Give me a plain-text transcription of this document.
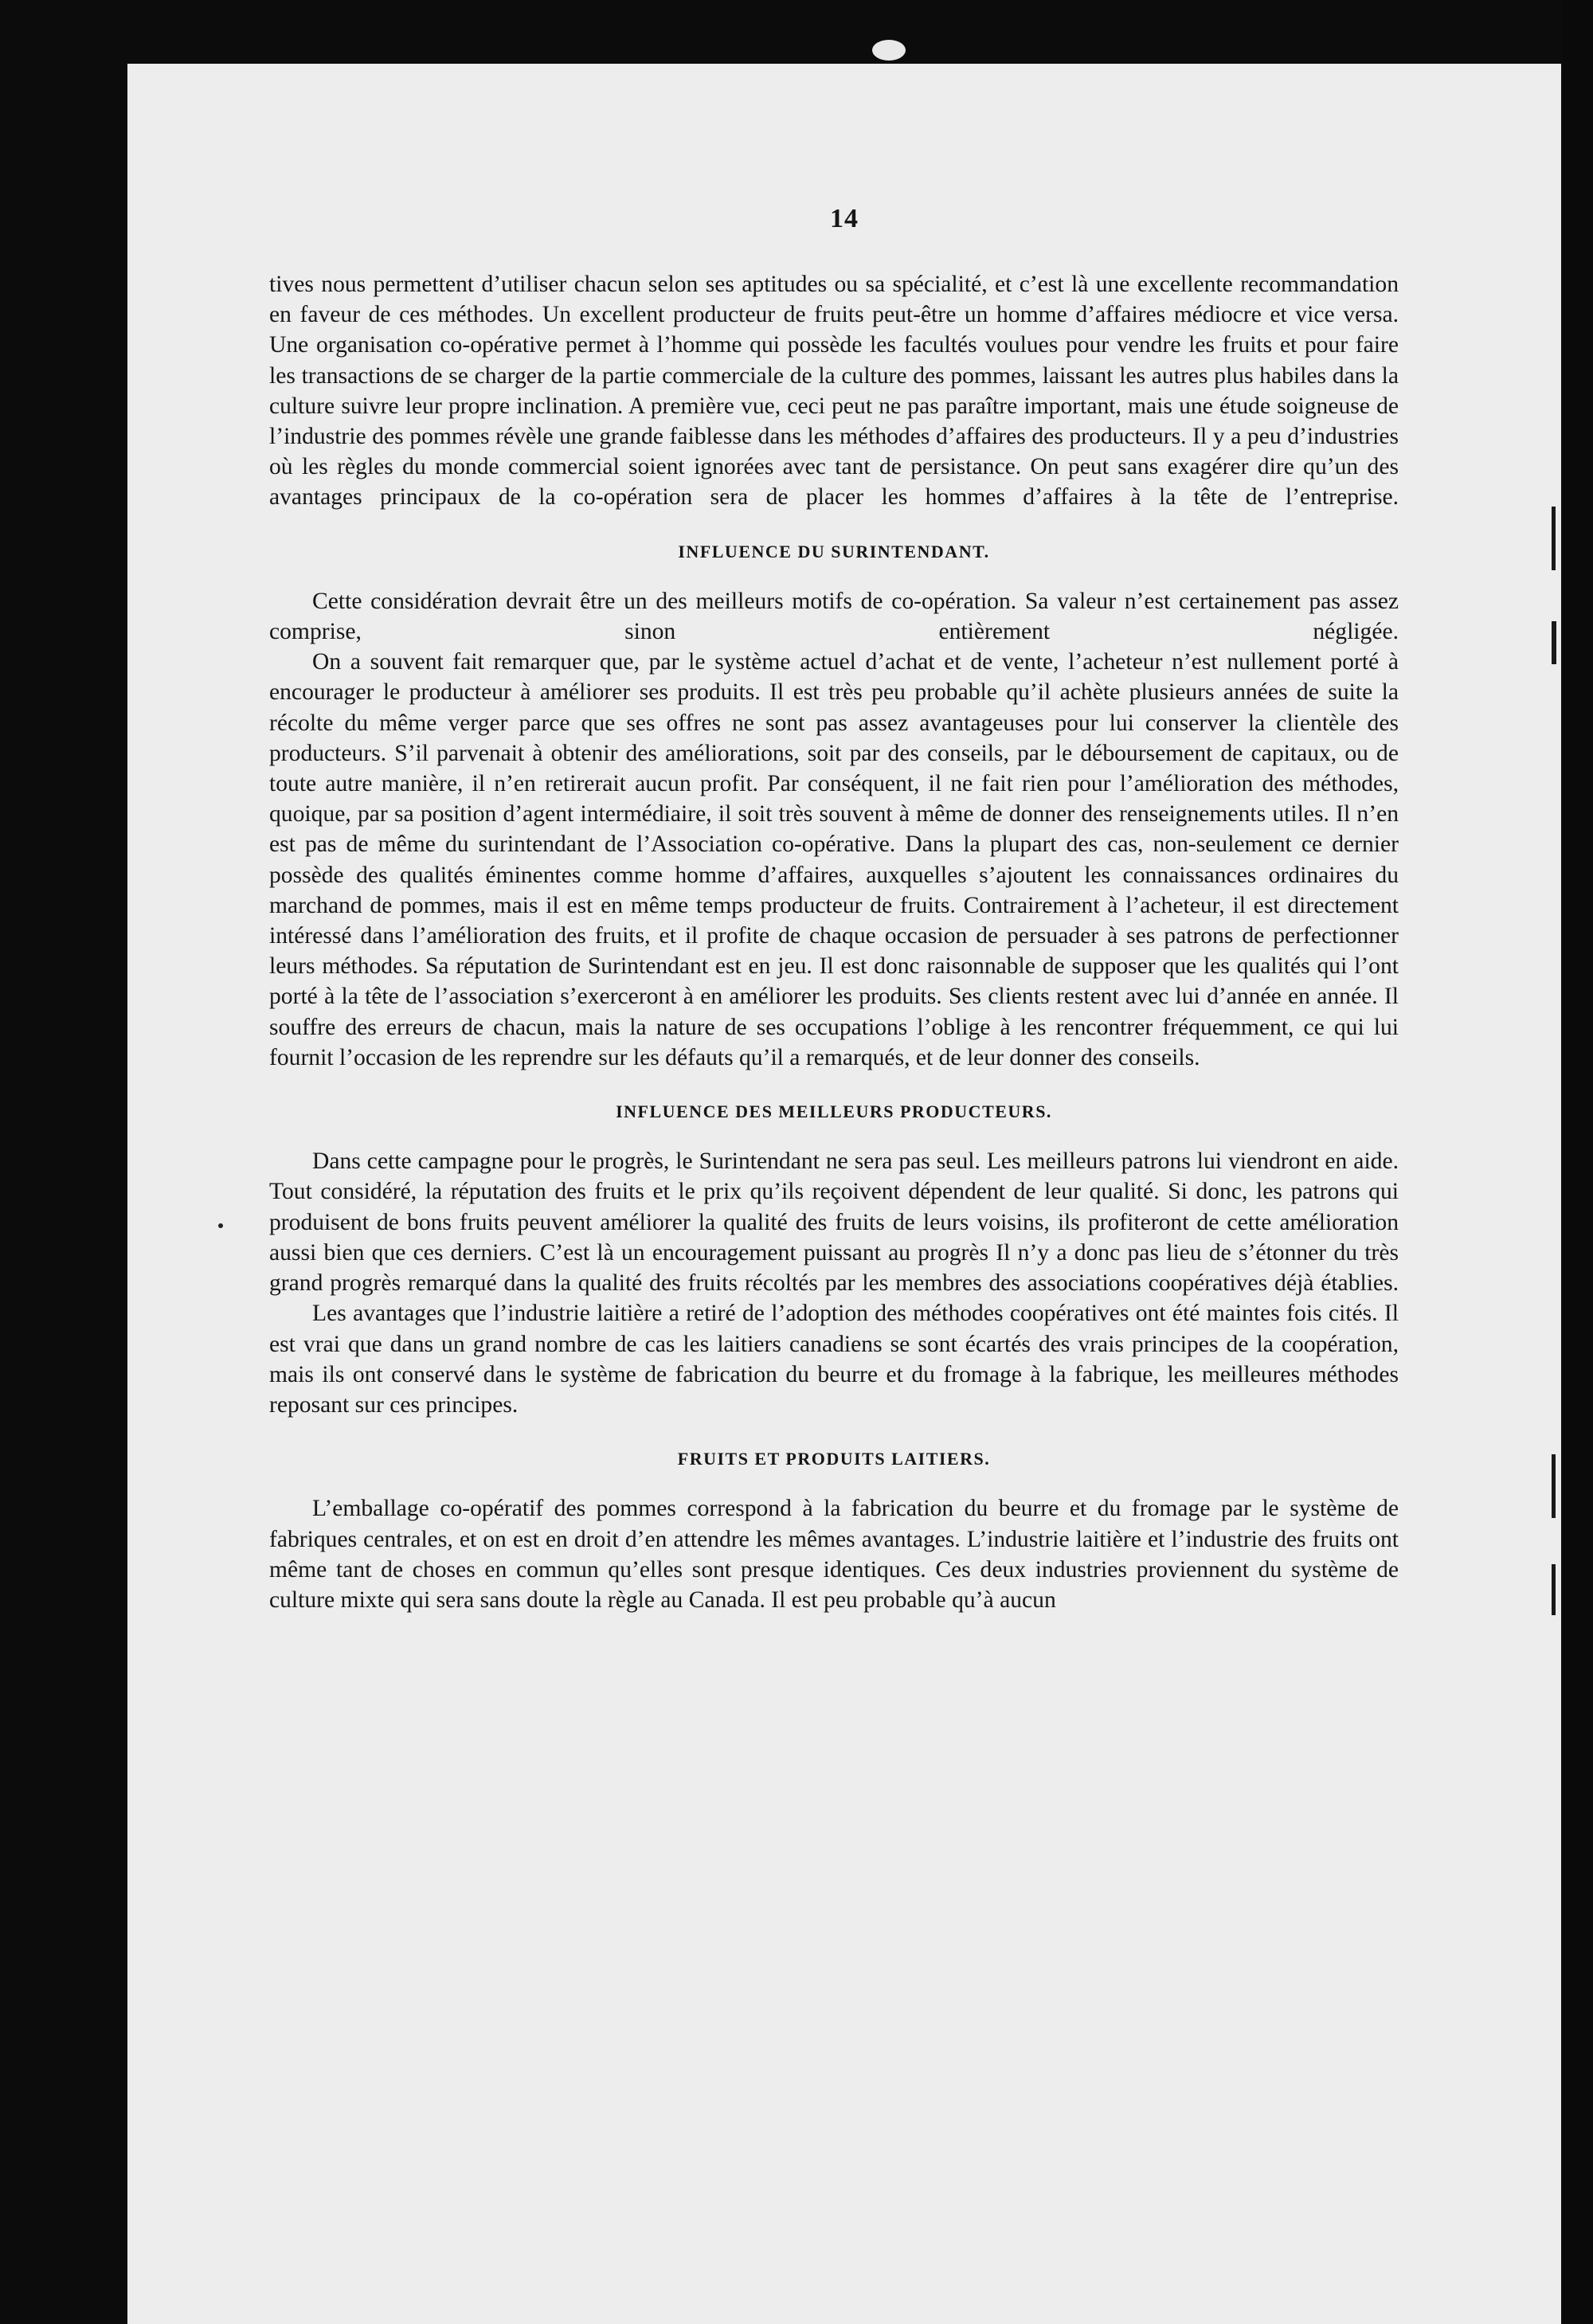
14

tives nous permettent d’utiliser chacun selon ses aptitudes ou sa spécialité, et c’est là une excellente recommandation en faveur de ces méthodes. Un excellent producteur de fruits peut-être un homme d’affaires médiocre et vice versa. Une organisation co-opérative permet à l’homme qui possède les facultés voulues pour vendre les fruits et pour faire les transactions de se charger de la partie commerciale de la culture des pommes, laissant les autres plus habiles dans la culture suivre leur propre inclination. A première vue, ceci peut ne pas paraître important, mais une étude soigneuse de l’industrie des pommes révèle une grande faiblesse dans les méthodes d’affaires des producteurs. Il y a peu d’industries où les règles du monde commercial soient ignorées avec tant de persistance. On peut sans exagérer dire qu’un des avantages principaux de la co-opération sera de placer les hommes d’affaires à la tête de l’entreprise.

INFLUENCE DU SURINTENDANT.

Cette considération devrait être un des meilleurs motifs de co-opération. Sa valeur n’est certainement pas assez comprise, sinon entièrement négligée.

On a souvent fait remarquer que, par le système actuel d’achat et de vente, l’acheteur n’est nullement porté à encourager le producteur à améliorer ses produits. Il est très peu probable qu’il achète plusieurs années de suite la récolte du même verger parce que ses offres ne sont pas assez avantageuses pour lui conserver la clientèle des producteurs. S’il parvenait à obtenir des améliorations, soit par des conseils, par le déboursement de capitaux, ou de toute autre manière, il n’en retirerait aucun profit. Par conséquent, il ne fait rien pour l’amélioration des méthodes, quoique, par sa position d’agent intermédiaire, il soit très souvent à même de donner des renseignements utiles. Il n’en est pas de même du surintendant de l’Association co-opérative. Dans la plupart des cas, non-seulement ce dernier possède des qualités éminentes comme homme d’affaires, auxquelles s’ajoutent les connaissances ordinaires du marchand de pommes, mais il est en même temps producteur de fruits. Contrairement à l’acheteur, il est directement intéressé dans l’amélioration des fruits, et il profite de chaque occasion de persuader à ses patrons de perfectionner leurs méthodes. Sa réputation de Surintendant est en jeu. Il est donc raisonnable de supposer que les qualités qui l’ont porté à la tête de l’association s’exerceront à en améliorer les produits. Ses clients restent avec lui d’année en année. Il souffre des erreurs de chacun, mais la nature de ses occupations l’oblige à les rencontrer fréquemment, ce qui lui fournit l’occasion de les reprendre sur les défauts qu’il a remarqués, et de leur donner des conseils.

INFLUENCE DES MEILLEURS PRODUCTEURS.

Dans cette campagne pour le progrès, le Surintendant ne sera pas seul. Les meilleurs patrons lui viendront en aide. Tout considéré, la réputation des fruits et le prix qu’ils reçoivent dépendent de leur qualité. Si donc, les patrons qui produisent de bons fruits peuvent améliorer la qualité des fruits de leurs voisins, ils profiteront de cette amélioration aussi bien que ces derniers. C’est là un encouragement puissant au progrès Il n’y a donc pas lieu de s’étonner du très grand progrès remarqué dans la qualité des fruits récoltés par les membres des associations coopératives déjà établies.

Les avantages que l’industrie laitière a retiré de l’adoption des méthodes coopératives ont été maintes fois cités. Il est vrai que dans un grand nombre de cas les laitiers canadiens se sont écartés des vrais principes de la coopération, mais ils ont conservé dans le système de fabrication du beurre et du fromage à la fabrique, les meilleures méthodes reposant sur ces principes.

FRUITS ET PRODUITS LAITIERS.

L’emballage co-opératif des pommes correspond à la fabrication du beurre et du fromage par le système de fabriques centrales, et on est en droit d’en attendre les mêmes avantages. L’industrie laitière et l’industrie des fruits ont même tant de choses en commun qu’elles sont presque identiques. Ces deux industries proviennent du système de culture mixte qui sera sans doute la règle au Canada. Il est peu probable qu’à aucun
